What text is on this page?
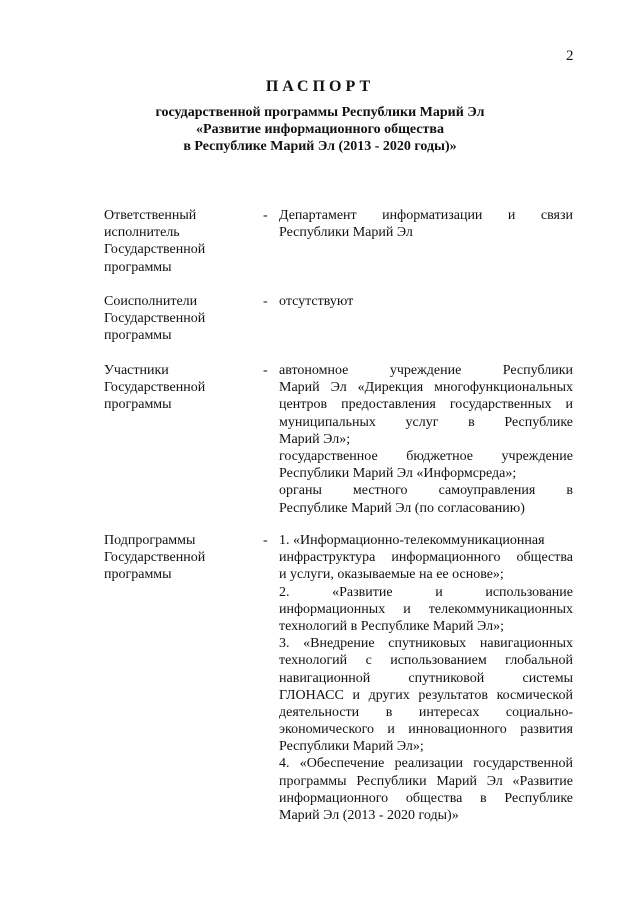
2
ПАСПОРТ
государственной программы Республики Марий Эл
«Развитие информационного общества
в Республике Марий Эл (2013 - 2020 годы)»
Ответственный
исполнитель
Государственной
программы
- Департамент информатизации и связи
Республики Марий Эл
Соисполнители
Государственной
программы
- отсутствуют
Участники
Государственной
программы
- автономное учреждение Республики
Марий Эл «Дирекция многофункциональных
центров предоставления государственных и
муниципальных услуг в Республике
Марий Эл»;
государственное бюджетное учреждение
Республики Марий Эл «Информсреда»;
органы местного самоуправления в
Республике Марий Эл (по согласованию)
Подпрограммы
Государственной
программы
- 1. «Информационно-телекоммуникационная
инфраструктура информационного общества
и услуги, оказываемые на ее основе»;
2. «Развитие и использование
информационных и телекоммуникационных
технологий в Республике Марий Эл»;
3. «Внедрение спутниковых навигационных
технологий с использованием глобальной
навигационной спутниковой системы
ГЛОНАСС и других результатов космической
деятельности в интересах социально-
экономического и инновационного развития
Республики Марий Эл»;
4. «Обеспечение реализации государственной
программы Республики Марий Эл «Развитие
информационного общества в Республике
Марий Эл (2013 - 2020 годы)»
